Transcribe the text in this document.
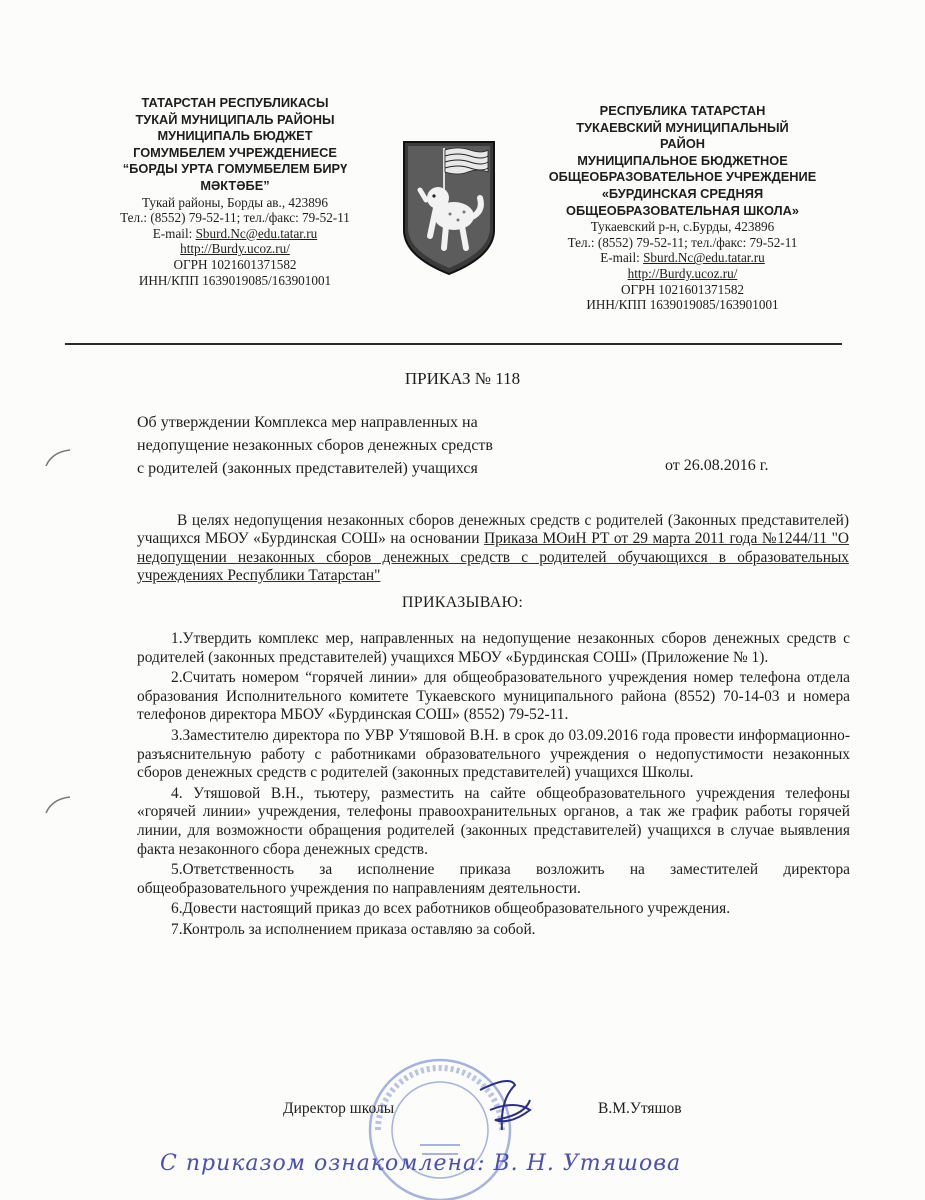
ТАТАРСТАН РЕСПУБЛИКАСЫ
ТУКАЙ МУНИЦИПАЛЬ РАЙОНЫ
МУНИЦИПАЛЬ БЮДЖЕТ
ГОМУМБЕЛЕМ УЧРЕЖДЕНИЕСЕ
“БОРДЫ УРТА ГОМУМБЕЛЕМ БИРҮ
МӘКТӘБЕ”
Тукай районы, Борды ав., 423896
Тел.: (8552) 79-52-11; тел./факс: 79-52-11
E-mail: Sburd.Nc@edu.tatar.ru
http://Burdy.ucoz.ru/
ОГРН 1021601371582
ИНН/КПП 1639019085/163901001
РЕСПУБЛИКА ТАТАРСТАН
ТУКАЕВСКИЙ МУНИЦИПАЛЬНЫЙ
РАЙОН
МУНИЦИПАЛЬНОЕ БЮДЖЕТНОЕ
ОБЩЕОБРАЗОВАТЕЛЬНОЕ УЧРЕЖДЕНИЕ
«БУРДИНСКАЯ СРЕДНЯЯ
ОБЩЕОБРАЗОВАТЕЛЬНАЯ ШКОЛА»
Тукаевский р-н, с.Бурды, 423896
Тел.: (8552) 79-52-11; тел./факс: 79-52-11
E-mail: Sburd.Nc@edu.tatar.ru
http://Burdy.ucoz.ru/
ОГРН 1021601371582
ИНН/КПП 1639019085/163901001
ПРИКАЗ № 118
Об утверждении Комплекса мер направленных на
недопущение незаконных сборов денежных средств
с родителей (законных представителей) учащихся	от 26.08.2016 г.
В целях недопущения незаконных сборов денежных средств с родителей (Законных представителей) учащихся МБОУ «Бурдинская СОШ» на основании Приказа МОиН РТ от 29 марта 2011 года №1244/11 "О недопущении незаконных сборов денежных средств с родителей обучающихся в образовательных учреждениях Республики Татарстан"
ПРИКАЗЫВАЮ:

1.Утвердить комплекс мер, направленных на недопущение незаконных сборов денежных средств с родителей (законных представителей) учащихся МБОУ «Бурдинская СОШ» (Приложение № 1).

2.Считать номером “горячей линии» для общеобразовательного учреждения номер телефона отдела образования Исполнительного комитете Тукаевского муниципального района (8552) 70-14-03 и номера телефонов директора МБОУ «Бурдинская СОШ» (8552) 79-52-11.

3.Заместителю директора по УВР Утяшовой В.Н. в срок до 03.09.2016 года провести информационно-разъяснительную работу с работниками образовательного учреждения о недопустимости незаконных сборов денежных средств с родителей (законных представителей) учащихся Школы.

4. Утяшовой В.Н., тьютеру, разместить на сайте общеобразовательного учреждения телефоны «горячей линии» учреждения, телефоны правоохранительных органов, а так же график работы горячей линии, для возможности обращения родителей (законных представителей) учащихся в случае выявления факта незаконного сбора денежных средств.

5.Ответственность за исполнение приказа возложить на заместителей директора общеобразовательного учреждения по направлениям деятельности.

6.Довести настоящий приказ до всех работников общеобразовательного учреждения.

7.Контроль за исполнением приказа оставляю за собой.

Директор школы	В.М.Утяшов
С приказом ознакомлена: В. Н. Утяшова
